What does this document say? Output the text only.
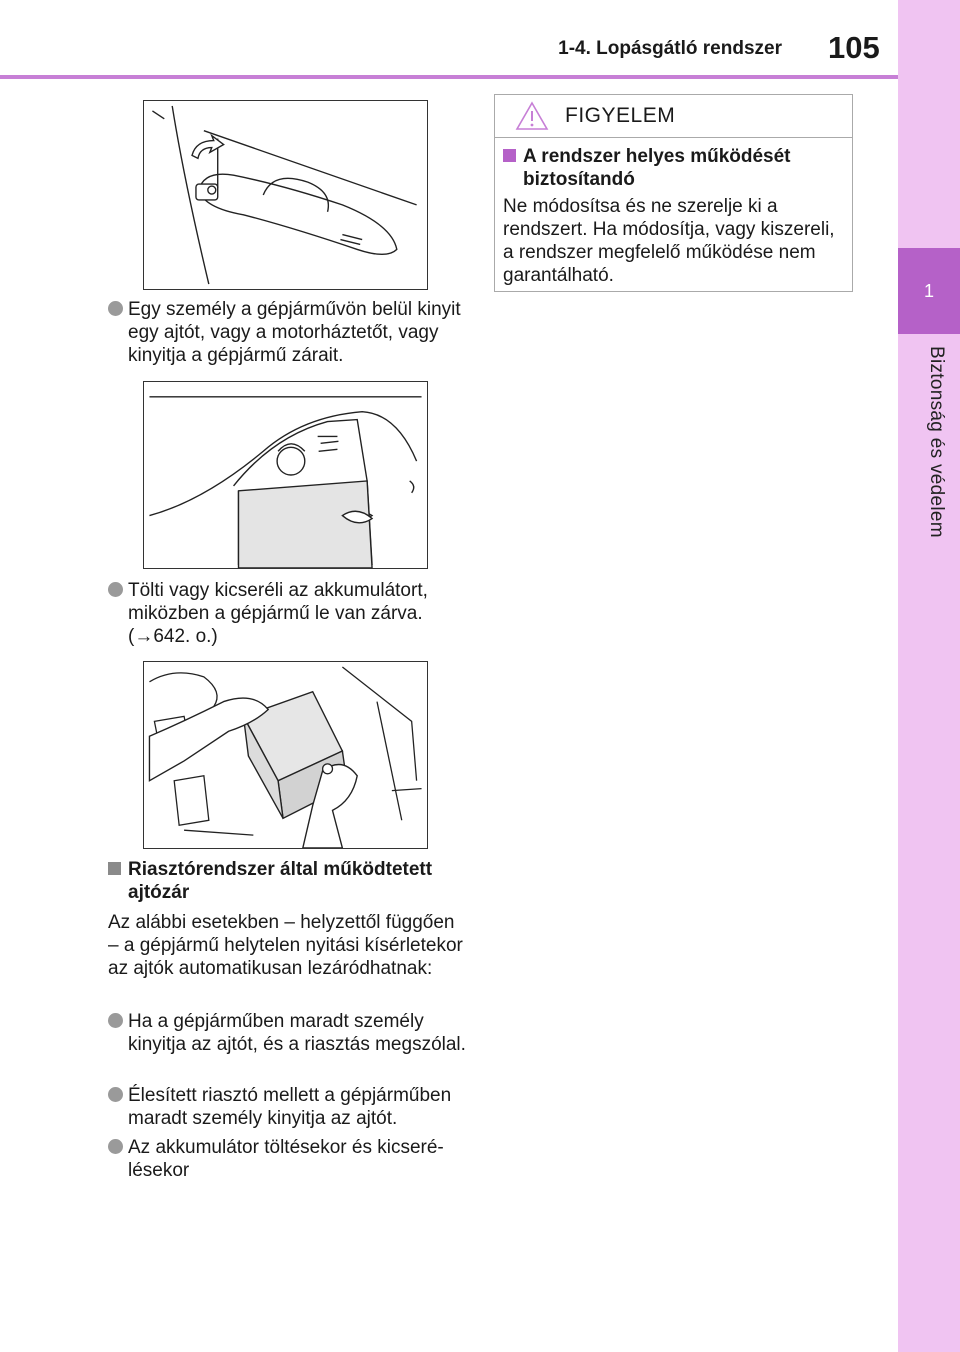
1-4. Lopásgátló rendszer 105
1
Biztonság és védelem
Egy személy a gépjárművön belül kinyit egy ajtót, vagy a motorháztetőt, vagy kinyitja a gépjármű zárait.
Tölti vagy kicseréli az akkumulátort, miközben a gépjármű le van zárva. (→642. o.)
Riasztórendszer által működtetett ajtózár
Az alábbi esetekben – helyzettől függően – a gépjármű helytelen nyitási kísérletekor az ajtók automatikusan lezáródhatnak:
Ha a gépjárműben maradt személy kinyitja az ajtót, és a riasztás megszólal.
Élesített riasztó mellett a gépjárműben maradt személy kinyitja az ajtót.
Az akkumulátor töltésekor és kicserélésekor
FIGYELEM
A rendszer helyes működését biztosítandó
Ne módosítsa és ne szerelje ki a rendszert. Ha módosítja, vagy kiszereli, a rendszer megfelelő működése nem garantálható.
